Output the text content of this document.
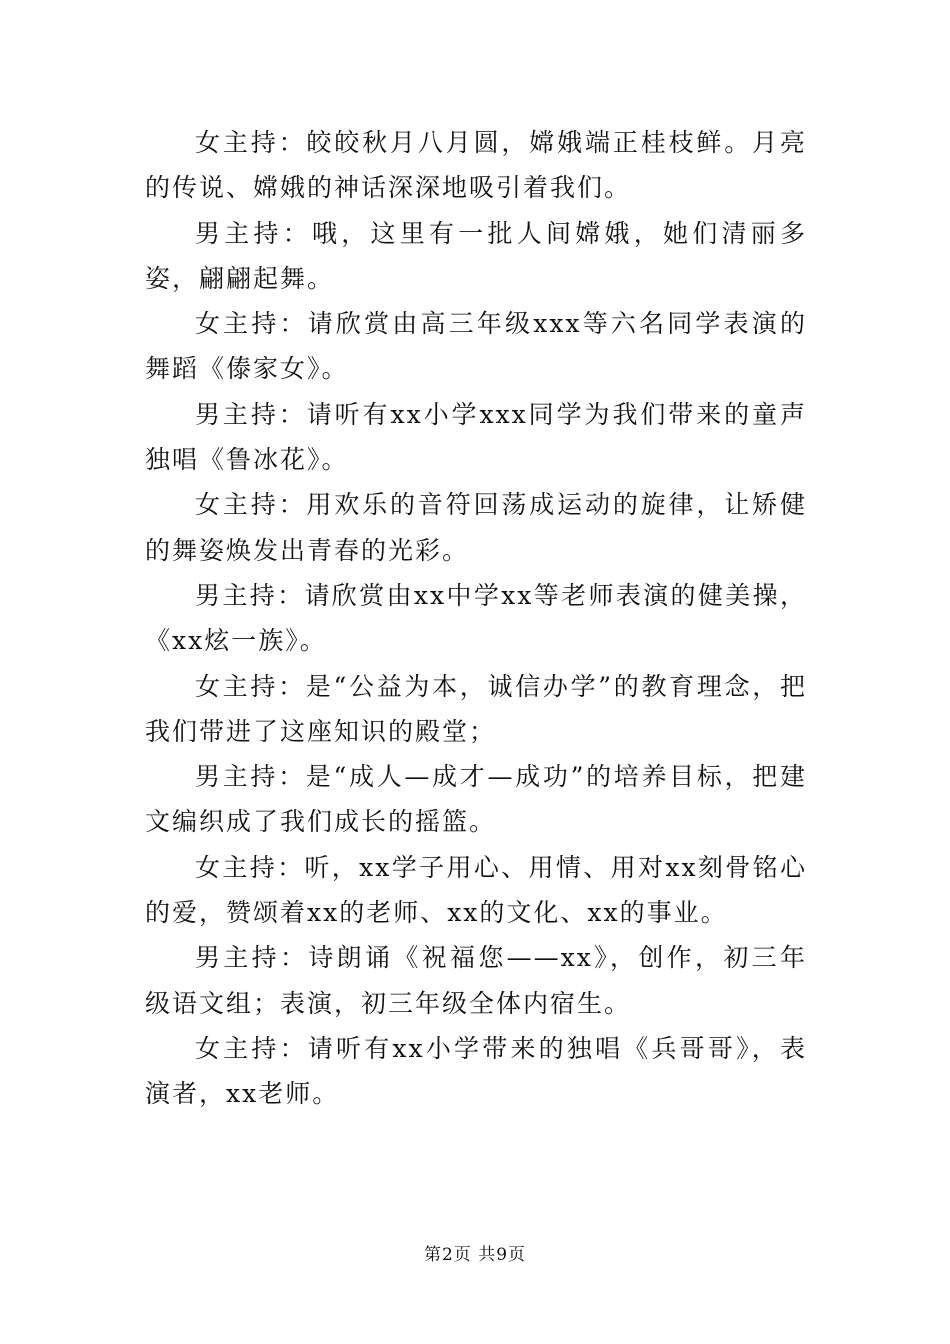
女主持：皎皎秋月八月圆，嫦娥端正桂枝鲜。月亮的传说、嫦娥的神话深深地吸引着我们。

男主持：哦，这里有一批人间嫦娥，她们清丽多姿，翩翩起舞。

女主持：请欣赏由高三年级xxx等六名同学表演的舞蹈《傣家女》。

男主持：请听有xx小学xxx同学为我们带来的童声独唱《鲁冰花》。

女主持：用欢乐的音符回荡成运动的旋律，让矫健的舞姿焕发出青春的光彩。

男主持：请欣赏由xx中学xx等老师表演的健美操，《xx炫一族》。

女主持：是“公益为本，诚信办学”的教育理念，把我们带进了这座知识的殿堂；

男主持：是“成人—成才—成功”的培养目标，把建文编织成了我们成长的摇篮。

女主持：听，xx学子用心、用情、用对xx刻骨铭心的爱，赞颂着xx的老师、xx的文化、xx的事业。

男主持：诗朗诵《祝福您——xx》，创作，初三年级语文组；表演，初三年级全体内宿生。

女主持：请听有xx小学带来的独唱《兵哥哥》，表演者，xx老师。

第2页 共9页
